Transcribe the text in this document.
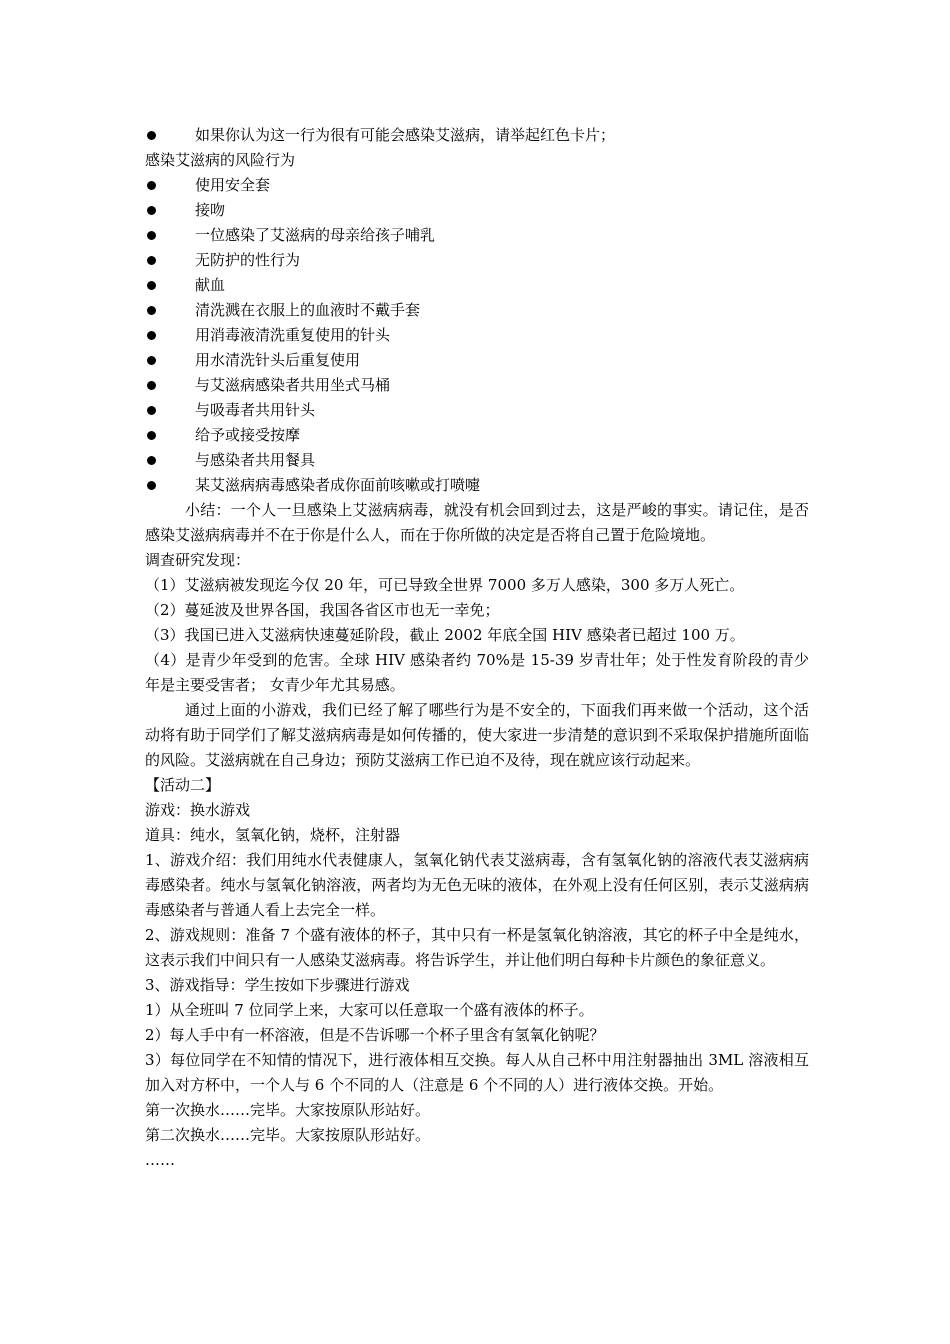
如果你认为这一行为很有可能会感染艾滋病，请举起红色卡片；
感染艾滋病的风险行为
使用安全套
接吻
一位感染了艾滋病的母亲给孩子哺乳
无防护的性行为
献血
清洗溅在衣服上的血液时不戴手套
用消毒液清洗重复使用的针头
用水清洗针头后重复使用
与艾滋病感染者共用坐式马桶
与吸毒者共用针头
给予或接受按摩
与感染者共用餐具
某艾滋病病毒感染者成你面前咳嗽或打喷嚏
小结：一个人一旦感染上艾滋病病毒，就没有机会回到过去，这是严峻的事实。请记住，是否感染艾滋病病毒并不在于你是什么人，而在于你所做的决定是否将自己置于危险境地。
调查研究发现：
（1）艾滋病被发现迄今仅 20 年，可已导致全世界 7000 多万人感染，300 多万人死亡。
（2）蔓延波及世界各国，我国各省区市也无一幸免；
（3）我国已进入艾滋病快速蔓延阶段，截止 2002 年底全国 HIV 感染者已超过 100 万。
（4）是青少年受到的危害。全球 HIV 感染者约 70%是 15-39 岁青壮年；处于性发育阶段的青少年是主要受害者； 女青少年尤其易感。
通过上面的小游戏，我们已经了解了哪些行为是不安全的，下面我们再来做一个活动，这个活动将有助于同学们了解艾滋病病毒是如何传播的，使大家进一步清楚的意识到不采取保护措施所面临的风险。艾滋病就在自己身边；预防艾滋病工作已迫不及待，现在就应该行动起来。
【活动二】
游戏：换水游戏
道具：纯水，氢氧化钠，烧杯，注射器
1、游戏介绍：我们用纯水代表健康人，氢氧化钠代表艾滋病毒，含有氢氧化钠的溶液代表艾滋病病毒感染者。纯水与氢氧化钠溶液，两者均为无色无味的液体，在外观上没有任何区别，表示艾滋病病毒感染者与普通人看上去完全一样。
2、游戏规则：准备 7 个盛有液体的杯子，其中只有一杯是氢氧化钠溶液，其它的杯子中全是纯水，这表示我们中间只有一人感染艾滋病毒。将告诉学生，并让他们明白每种卡片颜色的象征意义。
3、游戏指导：学生按如下步骤进行游戏
1）从全班叫 7 位同学上来，大家可以任意取一个盛有液体的杯子。
2）每人手中有一杯溶液，但是不告诉哪一个杯子里含有氢氧化钠呢？
3）每位同学在不知情的情况下，进行液体相互交换。每人从自己杯中用注射器抽出 3ML 溶液相互加入对方杯中，一个人与 6 个不同的人（注意是 6 个不同的人）进行液体交换。开始。
第一次换水……完毕。大家按原队形站好。
第二次换水……完毕。大家按原队形站好。
……
